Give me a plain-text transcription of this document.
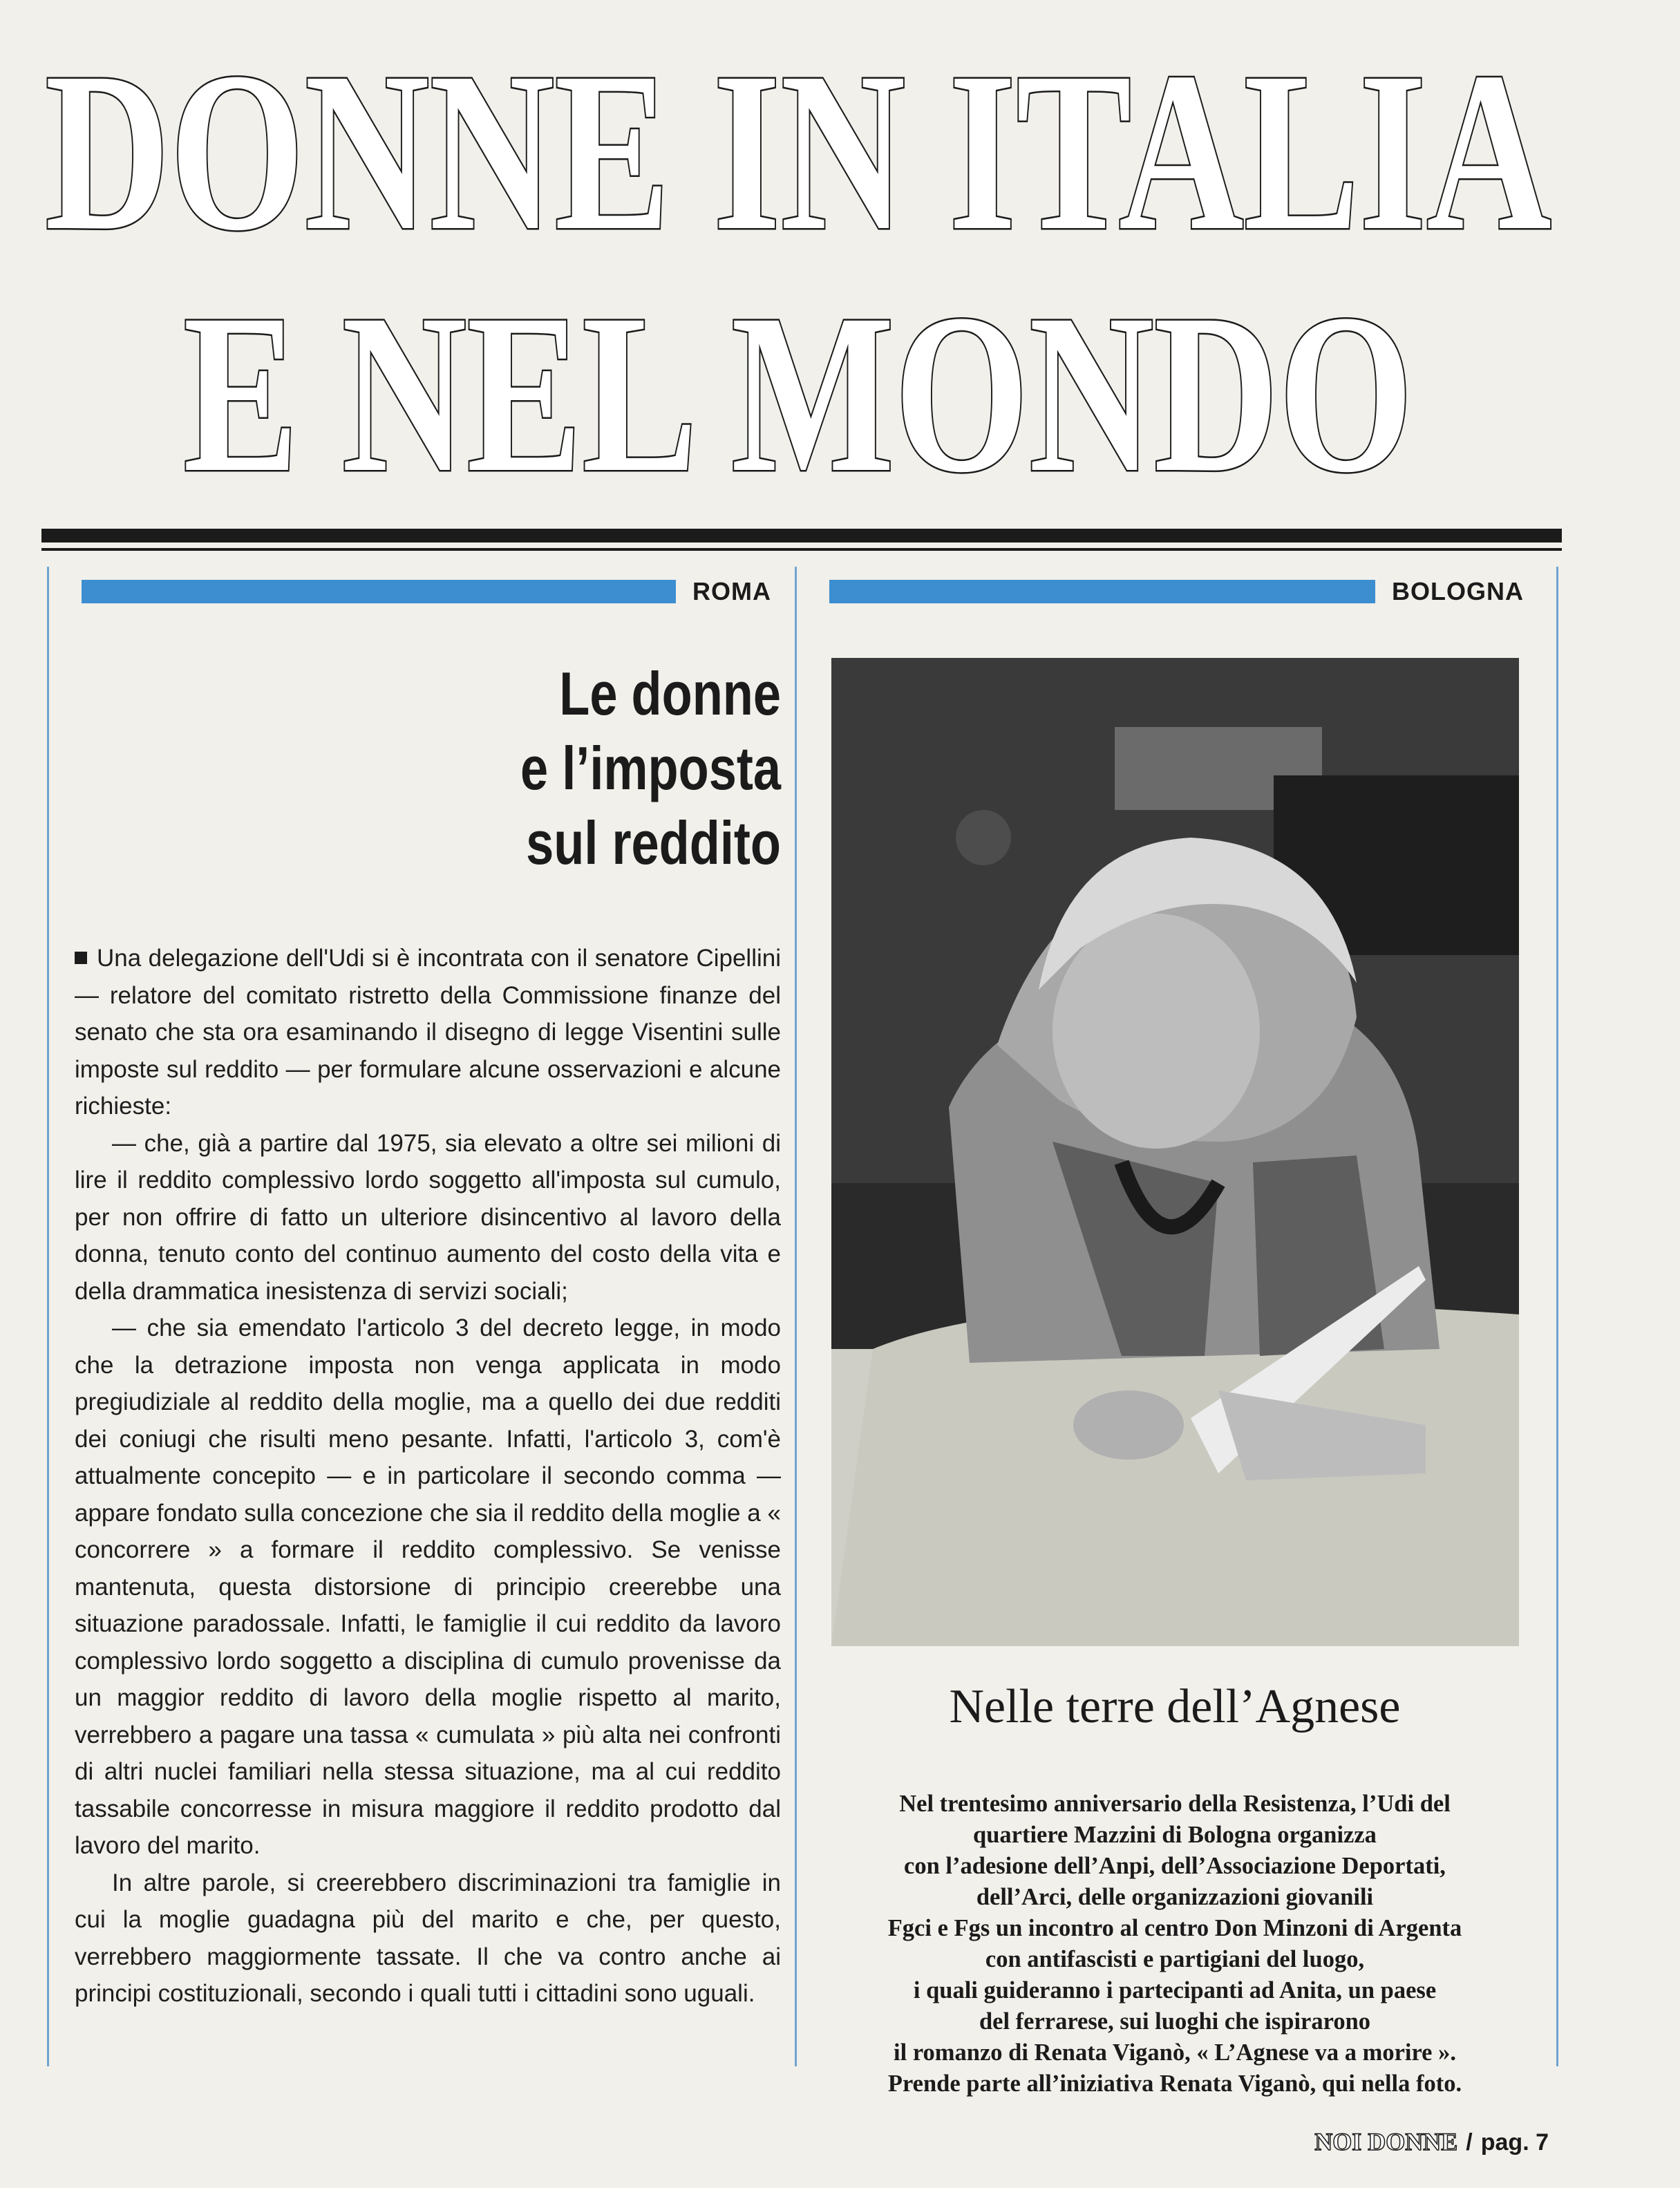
DONNE IN ITALIA
E NEL MONDO
ROMA	BOLOGNA
Le donne
e l’imposta
sul reddito

Una delegazione dell'Udi si è incontrata con il senatore Cipellini — relatore del comitato ristretto della Commissione finanze del senato che sta ora esaminando il disegno di legge Visentini sulle imposte sul reddito — per formulare alcune osservazioni e alcune richieste:

— che, già a partire dal 1975, sia elevato a oltre sei milioni di lire il reddito complessivo lordo soggetto all'imposta sul cumulo, per non offrire di fatto un ulteriore disincentivo al lavoro della donna, tenuto conto del continuo aumento del costo della vita e della drammatica inesistenza di servizi sociali;

— che sia emendato l'articolo 3 del decreto legge, in modo che la detrazione imposta non venga applicata in modo pregiudiziale al reddito della moglie, ma a quello dei due redditi dei coniugi che risulti meno pesante. Infatti, l'articolo 3, com'è attualmente concepito — e in particolare il secondo comma — appare fondato sulla concezione che sia il reddito della moglie a « concorrere » a formare il reddito complessivo. Se venisse mantenuta, questa distorsione di principio creerebbe una situazione paradossale. Infatti, le famiglie il cui reddito da lavoro complessivo lordo soggetto a disciplina di cumulo provenisse da un maggior reddito di lavoro della moglie rispetto al marito, verrebbero a pagare una tassa « cumulata » più alta nei confronti di altri nuclei familiari nella stessa situazione, ma al cui reddito tassabile concorresse in misura maggiore il reddito prodotto dal lavoro del marito.

In altre parole, si creerebbero discriminazioni tra famiglie in cui la moglie guadagna più del marito e che, per questo, verrebbero maggiormente tassate. Il che va contro anche ai principi costituzionali, secondo i quali tutti i cittadini sono uguali.

Nelle terre dell’Agnese
Nel trentesimo anniversario della Resistenza, l’Udi del
quartiere Mazzini di Bologna organizza
con l’adesione dell’Anpi, dell’Associazione Deportati,
dell’Arci, delle organizzazioni giovanili
Fgci e Fgs un incontro al centro Don Minzoni di Argenta
con antifascisti e partigiani del luogo,
i quali guideranno i partecipanti ad Anita, un paese
del ferrarese, sui luoghi che ispirarono
il romanzo di Renata Viganò, « L’Agnese va a morire ».
Prende parte all’iniziativa Renata Viganò, qui nella foto.
NOI DONNE / pag. 7
